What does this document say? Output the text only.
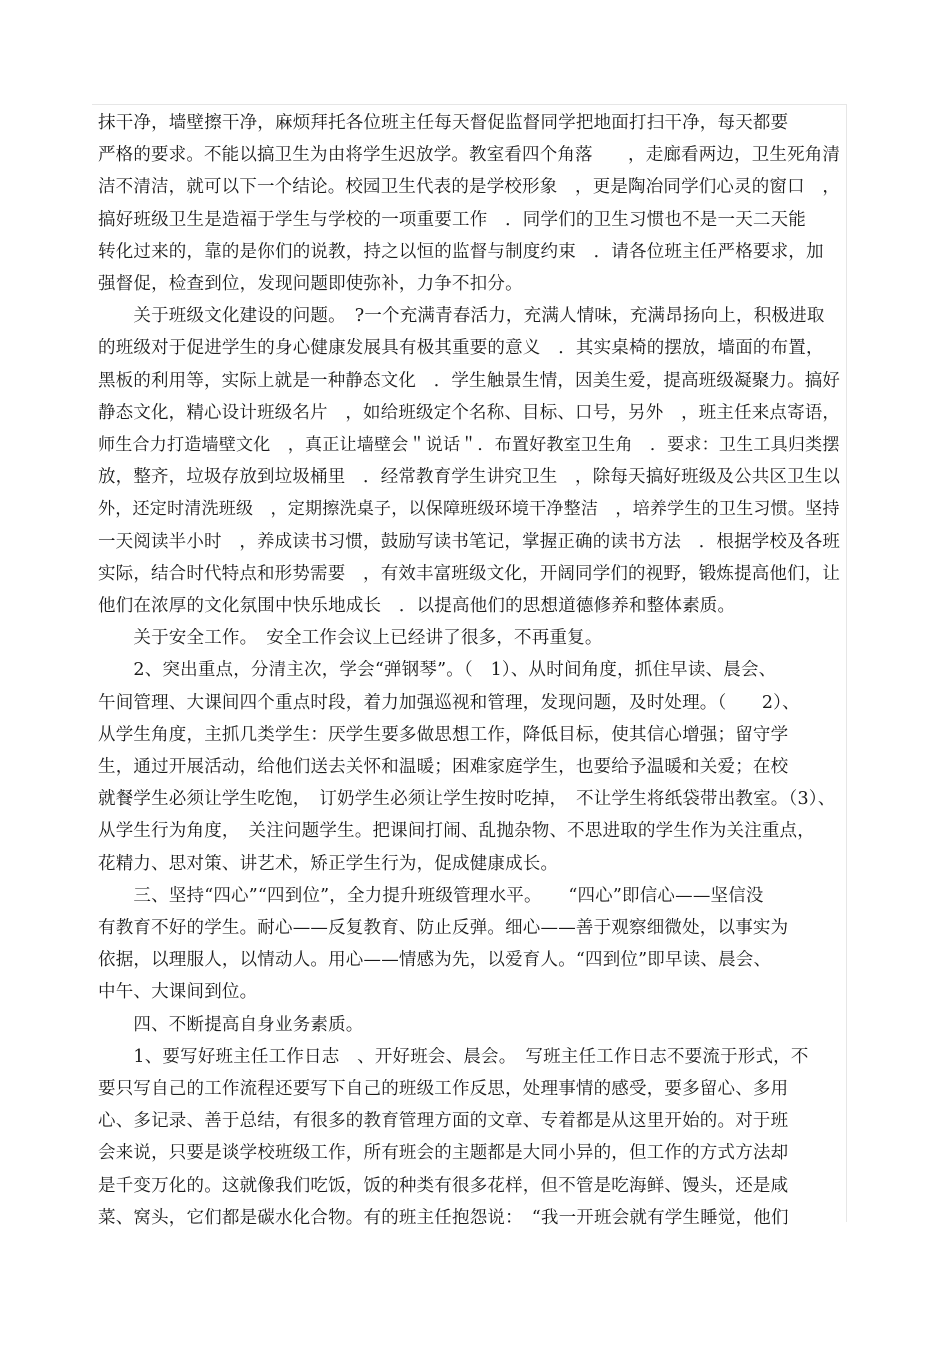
抹干净，墙壁擦干净，麻烦拜托各位班主任每天督促监督同学把地面打扫干净，每天都要
严格的要求。不能以搞卫生为由将学生迟放学。教室看四个角落　　，走廊看两边，卫生死角清
洁不清洁，就可以下一个结论。校园卫生代表的是学校形象　，更是陶冶同学们心灵的窗口　，
搞好班级卫生是造福于学生与学校的一项重要工作　．同学们的卫生习惯也不是一天二天能
转化过来的，靠的是你们的说教，持之以恒的监督与制度约束　．请各位班主任严格要求，加
强督促，检查到位，发现问题即使弥补，力争不扣分。
　　关于班级文化建设的问题。　?一个充满青春活力，充满人情味，充满昂扬向上，积极进取
的班级对于促进学生的身心健康发展具有极其重要的意义　．其实桌椅的摆放，墙面的布置，
黑板的利用等，实际上就是一种静态文化　．学生触景生情，因美生爱，提高班级凝聚力。搞好
静态文化，精心设计班级名片　，如给班级定个名称、目标、口号，另外　，班主任来点寄语，
师生合力打造墙壁文化　，真正让墙壁会＂说话＂．布置好教室卫生角　．要求：卫生工具归类摆
放，整齐，垃圾存放到垃圾桶里　．经常教育学生讲究卫生　，除每天搞好班级及公共区卫生以
外，还定时清洗班级　，定期擦洗桌子，以保障班级环境干净整洁　，培养学生的卫生习惯。坚持
一天阅读半小时　，养成读书习惯，鼓励写读书笔记，掌握正确的读书方法　．根据学校及各班
实际，结合时代特点和形势需要　，有效丰富班级文化，开阔同学们的视野，锻炼提高他们，让
他们在浓厚的文化氛围中快乐地成长　．以提高他们的思想道德修养和整体素质。
　　关于安全工作。　安全工作会议上已经讲了很多，不再重复。
　　2、突出重点，分清主次，学会“弹钢琴”。（　1）、从时间角度，抓住早读、晨会、
午间管理、大课间四个重点时段，着力加强巡视和管理，发现问题，及时处理。（　　2）、
从学生角度，主抓几类学生：厌学生要多做思想工作，降低目标，使其信心增强；留守学
生，通过开展活动，给他们送去关怀和温暖；困难家庭学生，也要给予温暖和关爱；在校
就餐学生必须让学生吃饱，　订奶学生必须让学生按时吃掉，　不让学生将纸袋带出教室。（3）、
从学生行为角度，　关注问题学生。把课间打闹、乱抛杂物、不思进取的学生作为关注重点，
花精力、思对策、讲艺术，矫正学生行为，促成健康成长。
　　三、坚持“四心”“四到位”，全力提升班级管理水平。　　“四心”即信心——坚信没
有教育不好的学生。耐心——反复教育、防止反弹。细心——善于观察细微处，以事实为
依据，以理服人，以情动人。用心——情感为先，以爱育人。“四到位”即早读、晨会、
中午、大课间到位。
　　四、不断提高自身业务素质。
　　1、要写好班主任工作日志　、开好班会、晨会。　写班主任工作日志不要流于形式，不
要只写自己的工作流程还要写下自己的班级工作反思，处理事情的感受，要多留心、多用
心、多记录、善于总结，有很多的教育管理方面的文章、专着都是从这里开始的。对于班
会来说，只要是谈学校班级工作，所有班会的主题都是大同小异的，但工作的方式方法却
是千变万化的。这就像我们吃饭，饭的种类有很多花样，但不管是吃海鲜、馒头，还是咸
菜、窝头，它们都是碳水化合物。有的班主任抱怨说：　“我一开班会就有学生睡觉，他们
